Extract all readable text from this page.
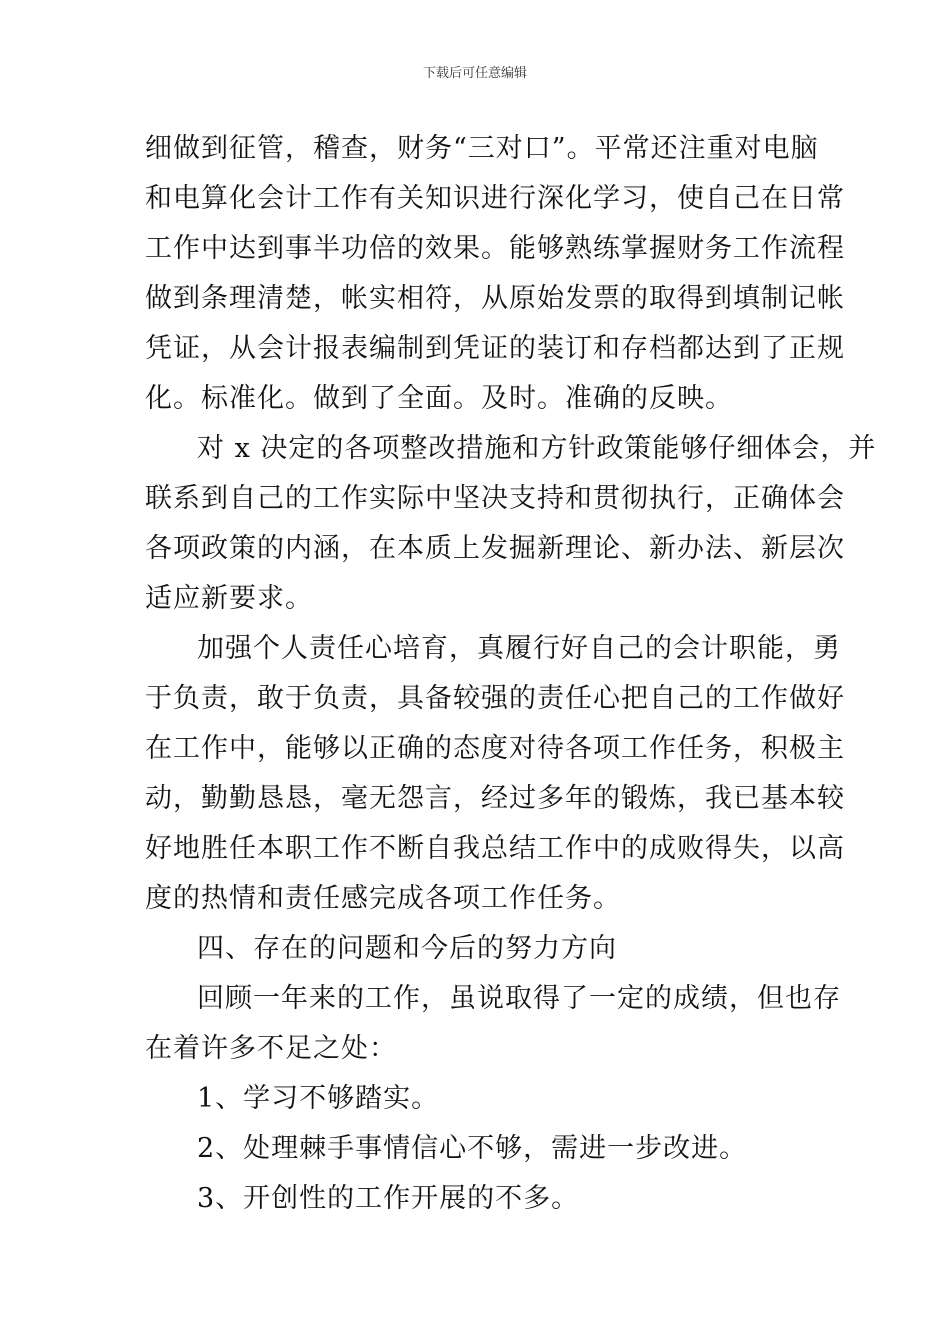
下载后可任意编辑
细做到征管，稽查，财务“三对口”。平常还注重对电脑
和电算化会计工作有关知识进行深化学习，使自己在日常
工作中达到事半功倍的效果。能够熟练掌握财务工作流程
做到条理清楚，帐实相符，从原始发票的取得到填制记帐
凭证，从会计报表编制到凭证的装订和存档都达到了正规
化。标准化。做到了全面。及时。准确的反映。
对 x 决定的各项整改措施和方针政策能够仔细体会，并
联系到自己的工作实际中坚决支持和贯彻执行，正确体会
各项政策的内涵，在本质上发掘新理论、新办法、新层次
适应新要求。
加强个人责任心培育，真履行好自己的会计职能，勇
于负责，敢于负责，具备较强的责任心把自己的工作做好
在工作中，能够以正确的态度对待各项工作任务，积极主
动，勤勤恳恳，毫无怨言，经过多年的锻炼，我已基本较
好地胜任本职工作不断自我总结工作中的成败得失，以高
度的热情和责任感完成各项工作任务。
四、存在的问题和今后的努力方向
回顾一年来的工作，虽说取得了一定的成绩，但也存
在着许多不足之处：
1、学习不够踏实。
2、处理棘手事情信心不够，需进一步改进。
3、开创性的工作开展的不多。
